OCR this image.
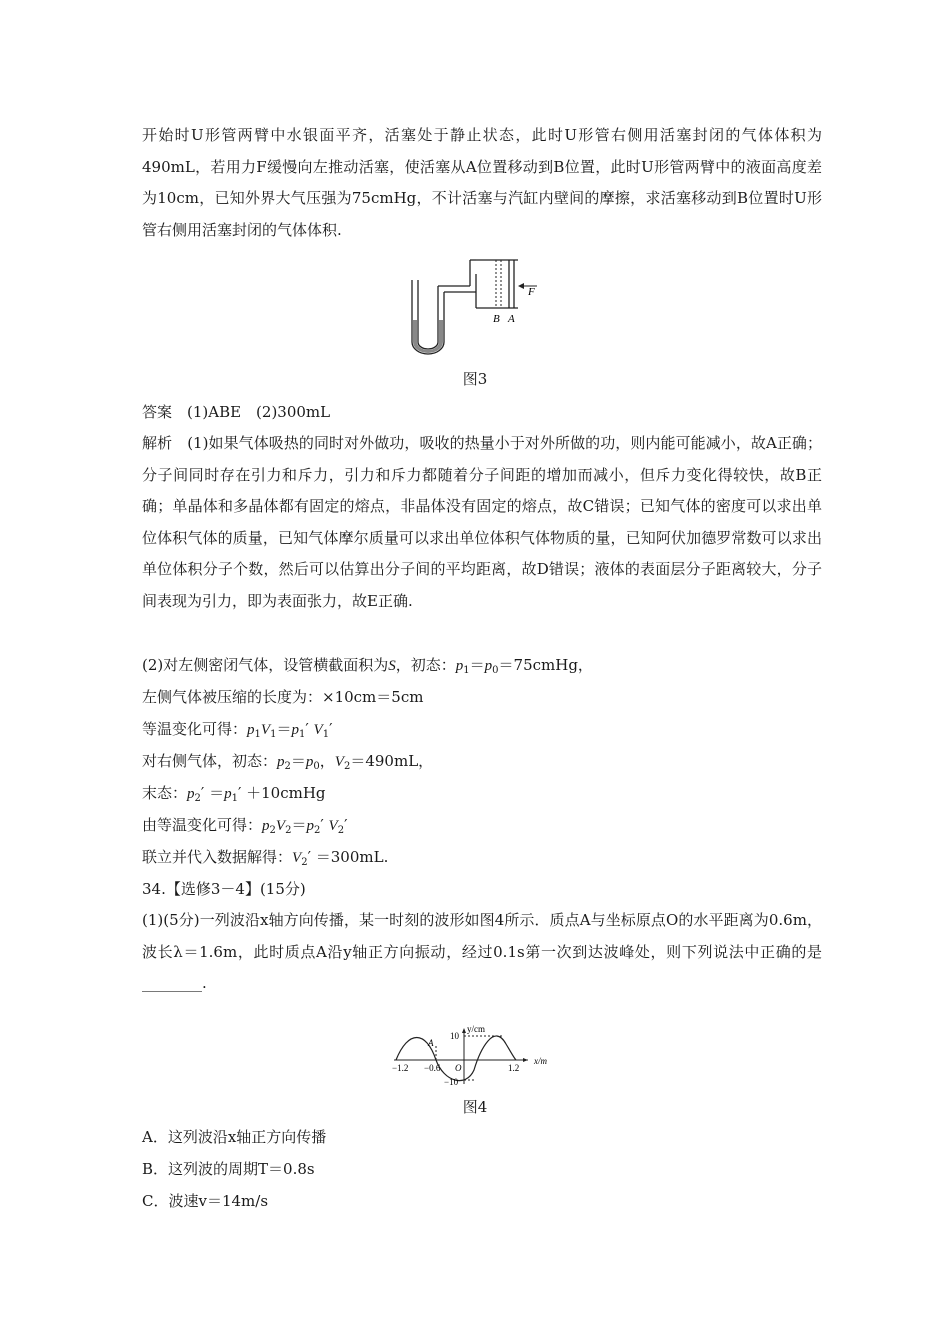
开始时U形管两臂中水银面平齐，活塞处于静止状态，此时U形管右侧用活塞封闭的气体体积为490mL，若用力F缓慢向左推动活塞，使活塞从A位置移动到B位置，此时U形管两臂中的液面高度差为10cm，已知外界大气压强为75cmHg，不计活塞与汽缸内壁间的摩擦，求活塞移动到B位置时U形管右侧用活塞封闭的气体体积.

F
B A
图3
答案　(1)ABE　(2)300mL

解析　(1)如果气体吸热的同时对外做功，吸收的热量小于对外所做的功，则内能可能减小，故A正确；分子间同时存在引力和斥力，引力和斥力都随着分子间距的增加而减小，但斥力变化得较快，故B正确；单晶体和多晶体都有固定的熔点，非晶体没有固定的熔点，故C错误；已知气体的密度可以求出单位体积气体的质量，已知气体摩尔质量可以求出单位体积气体物质的量，已知阿伏加德罗常数可以求出单位体积分子个数，然后可以估算出分子间的平均距离，故D错误；液体的表面层分子距离较大，分子间表现为引力，即为表面张力，故E正确.

(2)对左侧密闭气体，设管横截面积为S，初态：$p_1=p_0=75cmHg$，
左侧气体被压缩的长度为：×10cm＝5cm
等温变化可得：$p_1V_1=p_1'$ $V_1'$
对右侧气体，初态：$p_2=p_0$，$V_2=490mL$，
末态：$p_2' =p_1'$ ＋10cmHg
由等温变化可得：$p_2V_2=p_2'$ $V_2'$
联立并代入数据解得：$V_2' =300mL$.
34.【选修3－4】(15分)

(1)(5分)一列波沿x轴方向传播，某一时刻的波形如图4所示．质点A与坐标原点O的水平距离为0.6m，波长λ＝1.6m，此时质点A沿y轴正方向振动，经过0.1s第一次到达波峰处，则下列说法中正确的是________.

y/cm
x/m
10
−10
−1.2 −0.6	1.2
O
A
图4
A．这列波沿x轴正方向传播
B．这列波的周期T＝0.8s
C．波速v＝14m/s
